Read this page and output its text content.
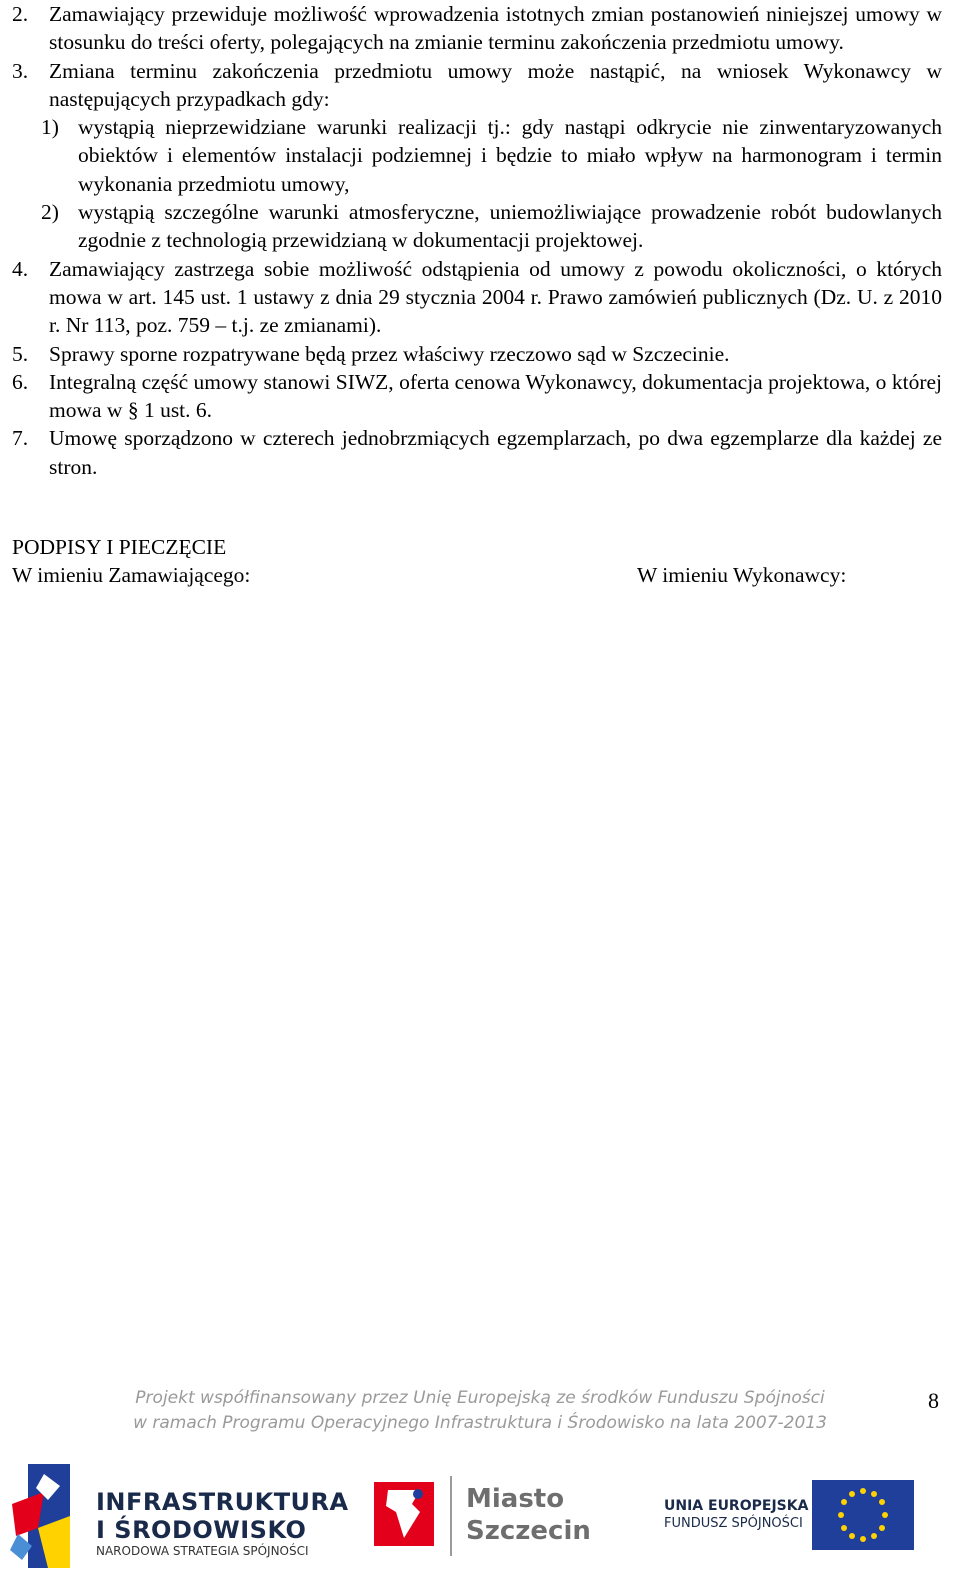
2. Zamawiający przewiduje możliwość wprowadzenia istotnych zmian postanowień niniejszej umowy w stosunku do treści oferty, polegających na zmianie terminu zakończenia przedmiotu umowy.
3. Zmiana terminu zakończenia przedmiotu umowy może nastąpić, na wniosek Wykonawcy w następujących przypadkach gdy:
1) wystąpią nieprzewidziane warunki realizacji tj.: gdy nastąpi odkrycie nie zinwentaryzowanych obiektów i elementów instalacji podziemnej i będzie to miało wpływ na harmonogram i termin wykonania przedmiotu umowy,
2) wystąpią szczególne warunki atmosferyczne, uniemożliwiające prowadzenie robót budowlanych zgodnie z technologią przewidzianą w dokumentacji projektowej.
4. Zamawiający zastrzega sobie możliwość odstąpienia od umowy z powodu okoliczności, o których mowa w art. 145 ust. 1 ustawy z dnia 29 stycznia 2004 r. Prawo zamówień publicznych (Dz. U. z 2010 r. Nr 113, poz. 759 – t.j. ze zmianami).
5. Sprawy sporne rozpatrywane będą przez właściwy rzeczowo sąd w Szczecinie.
6. Integralną część umowy stanowi SIWZ, oferta cenowa Wykonawcy, dokumentacja projektowa, o której mowa w § 1 ust. 6.
7. Umowę sporządzono w czterech jednobrzmiących egzemplarzach, po dwa egzemplarze dla każdej ze stron.
PODPISY I PIECZĘCIE
W imieniu Zamawiającego:	W imieniu Wykonawcy:
Projekt współfinansowany przez Unię Europejską ze środków Funduszu Spójności
w ramach Programu Operacyjnego Infrastruktura i Środowisko na lata 2007-2013
8
INFRASTRUKTURA
I ŚRODOWISKO
NARODOWA STRATEGIA SPÓJNOŚCI
Miasto
Szczecin
UNIA EUROPEJSKA
FUNDUSZ SPÓJNOŚCI
